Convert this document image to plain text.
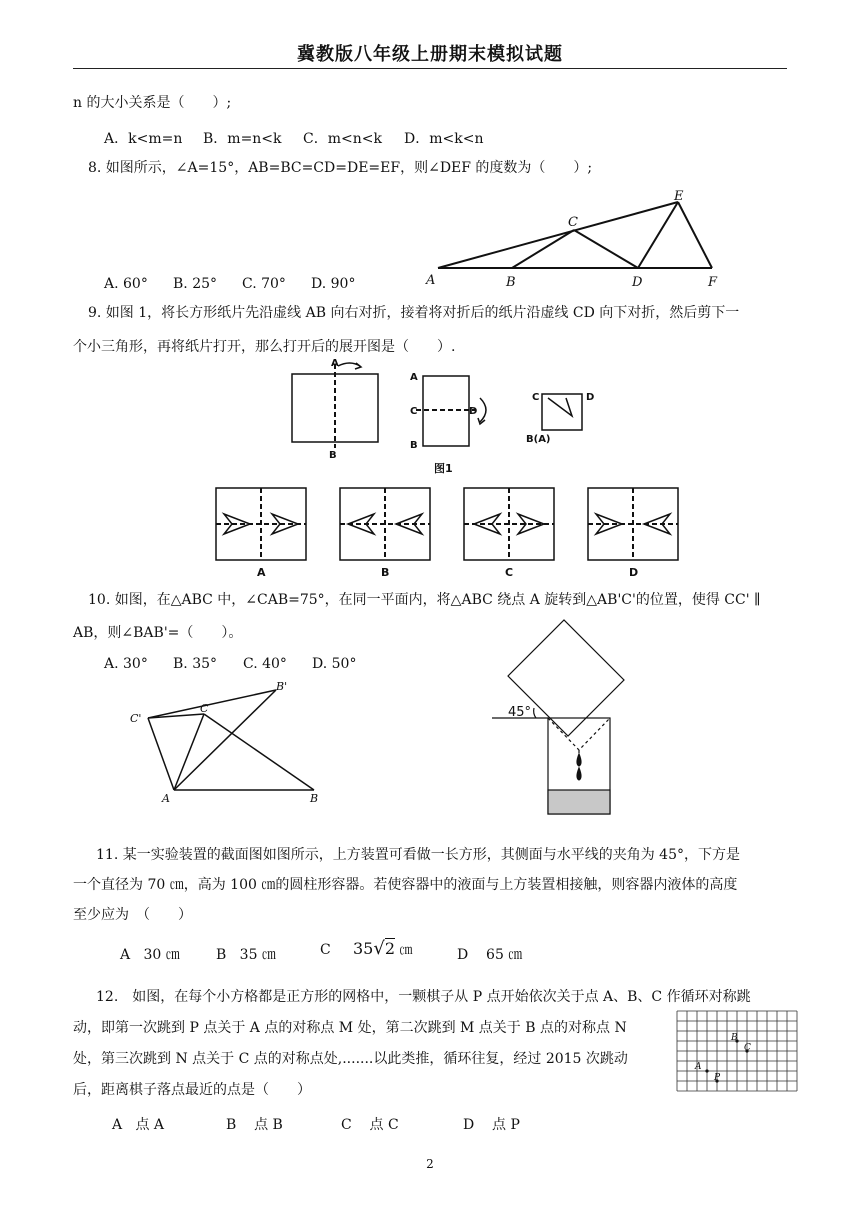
冀教版八年级上册期末模拟试题
n 的大小关系是（　　）;
A．k<m=n B．m=n<k C．m<n<k D．m<k<n
8. 如图所示，∠A=15°，AB=BC=CD=DE=EF，则∠DEF 的度数为（　　）;
A	B
C
D
E
F
A. 60° B. 25° C. 70° D. 90°
9. 如图 1，将长方形纸片先沿虚线 AB 向右对折，接着将对折后的纸片沿虚线 CD 向下对折，然后剪下一
个小三角形，再将纸片打开，那么打开后的展开图是（　　）.
A
B
A
C	D
B
C	D
B(A)
图1
A	B	C	D
10. 如图，在△ABC 中，∠CAB=75°，在同一平面内，将△ABC 绕点 A 旋转到△AB'C'的位置，使得 CC' ∥
AB，则∠BAB'=（　　）。
A. 30° B. 35° C. 40° D. 50°
C'
C
B'
A	B
45°
11. 某一实验装置的截面图如图所示，上方装置可看做一长方形，其侧面与水平线的夹角为 45°，下方是
一个直径为 70 ㎝，高为 100 ㎝的圆柱形容器。若使容器中的液面与上方装置相接触，则容器内液体的高度
至少应为　（　　）
A 30 ㎝	B 35 ㎝	C 35√2 ㎝	D 65 ㎝
12.　如图，在每个小方格都是正方形的网格中，一颗棋子从 P 点开始依次关于点 A、B、C 作循环对称跳
动，即第一次跳到 P 点关于 A 点的对称点 M 处，第二次跳到 M 点关于 B 点的对称点 N
处，第三次跳到 N 点关于 C 点的对称点处,.......以此类推，循环往复，经过 2015 次跳动
后，距离棋子落点最近的点是（　　）
A
B
C
P
A 点 A	B 点 B	C 点 C	D 点 P
2
